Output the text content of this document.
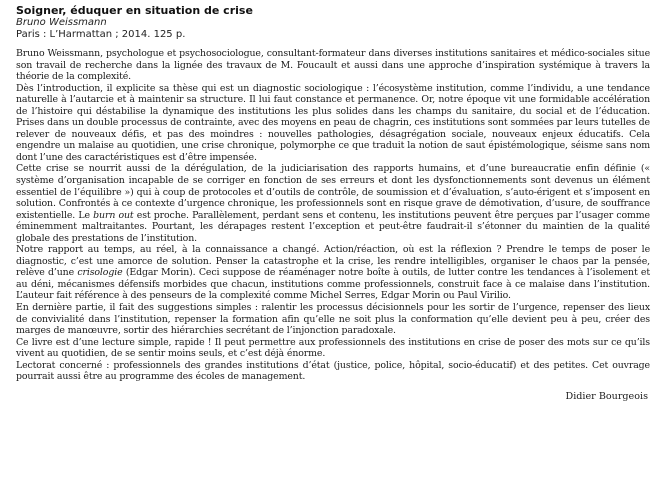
Soigner, éduquer en situation de crise

Bruno Weissmann

Paris : L’Harmattan ; 2014. 125 p.

Bruno Weissmann, psychologue et psychosociologue, consultant-formateur dans diverses institutions sanitaires et médico-sociales situe son travail de recherche dans la lignée des travaux de M. Foucault et aussi dans une approche d’inspiration systémique à travers la théorie de la complexité.

Dès l’introduction, il explicite sa thèse qui est un diagnostic sociologique : l’écosystème institution, comme l’individu, a une tendance naturelle à l’autarcie et à maintenir sa structure. Il lui faut constance et permanence. Or, notre époque vit une formidable accélération de l’histoire qui déstabilise la dynamique des institutions les plus solides dans les champs du sanitaire, du social et de l’éducation. Prises dans un double processus de contrainte, avec des moyens en peau de chagrin, ces institutions sont sommées par leurs tutelles de relever de nouveaux défis, et pas des moindres : nouvelles pathologies, désagrégation sociale, nouveaux enjeux éducatifs. Cela engendre un malaise au quotidien, une crise chronique, polymorphe ce que traduit la notion de saut épistémologique, séisme sans nom dont l’une des caractéristiques est d’être impensée.

Cette crise se nourrit aussi de la dérégulation, de la judiciarisation des rapports humains, et d’une bureaucratie enfin définie (« système d’organisation incapable de se corriger en fonction de ses erreurs et dont les dysfonctionnements sont devenus un élément essentiel de l’équilibre ») qui à coup de protocoles et d’outils de contrôle, de soumission et d’évaluation, s’auto-érigent et s’imposent en solution. Confrontés à ce contexte d’urgence chronique, les professionnels sont en risque grave de démotivation, d’usure, de souffrance existentielle. Le burn out est proche. Parallèlement, perdant sens et contenu, les institutions peuvent être perçues par l’usager comme éminemment maltraitantes. Pourtant, les dérapages restent l’exception et peut-être faudrait-il s’étonner du maintien de la qualité globale des prestations de l’institution.

Notre rapport au temps, au réel, à la connaissance a changé. Action/réaction, où est la réflexion ? Prendre le temps de poser le diagnostic, c’est une amorce de solution. Penser la catastrophe et la crise, les rendre intelligibles, organiser le chaos par la pensée, relève d’une crisologie (Edgar Morin). Ceci suppose de réaménager notre boîte à outils, de lutter contre les tendances à l’isolement et au déni, mécanismes défensifs morbides que chacun, institutions comme professionnels, construit face à ce malaise dans l’institution. L’auteur fait référence à des penseurs de la complexité comme Michel Serres, Edgar Morin ou Paul Virilio.

En dernière partie, il fait des suggestions simples : ralentir les processus décisionnels pour les sortir de l’urgence, repenser des lieux de convivialité dans l’institution, repenser la formation afin qu’elle ne soit plus la conformation qu’elle devient peu à peu, créer des marges de manœuvre, sortir des hiérarchies secrétant de l’injonction paradoxale.

Ce livre est d’une lecture simple, rapide ! Il peut permettre aux professionnels des institutions en crise de poser des mots sur ce qu’ils vivent au quotidien, de se sentir moins seuls, et c’est déjà énorme.

Lectorat concerné : professionnels des grandes institutions d’état (justice, police, hôpital, socio-éducatif) et des petites. Cet ouvrage pourrait aussi être au programme des écoles de management.

Didier Bourgeois
